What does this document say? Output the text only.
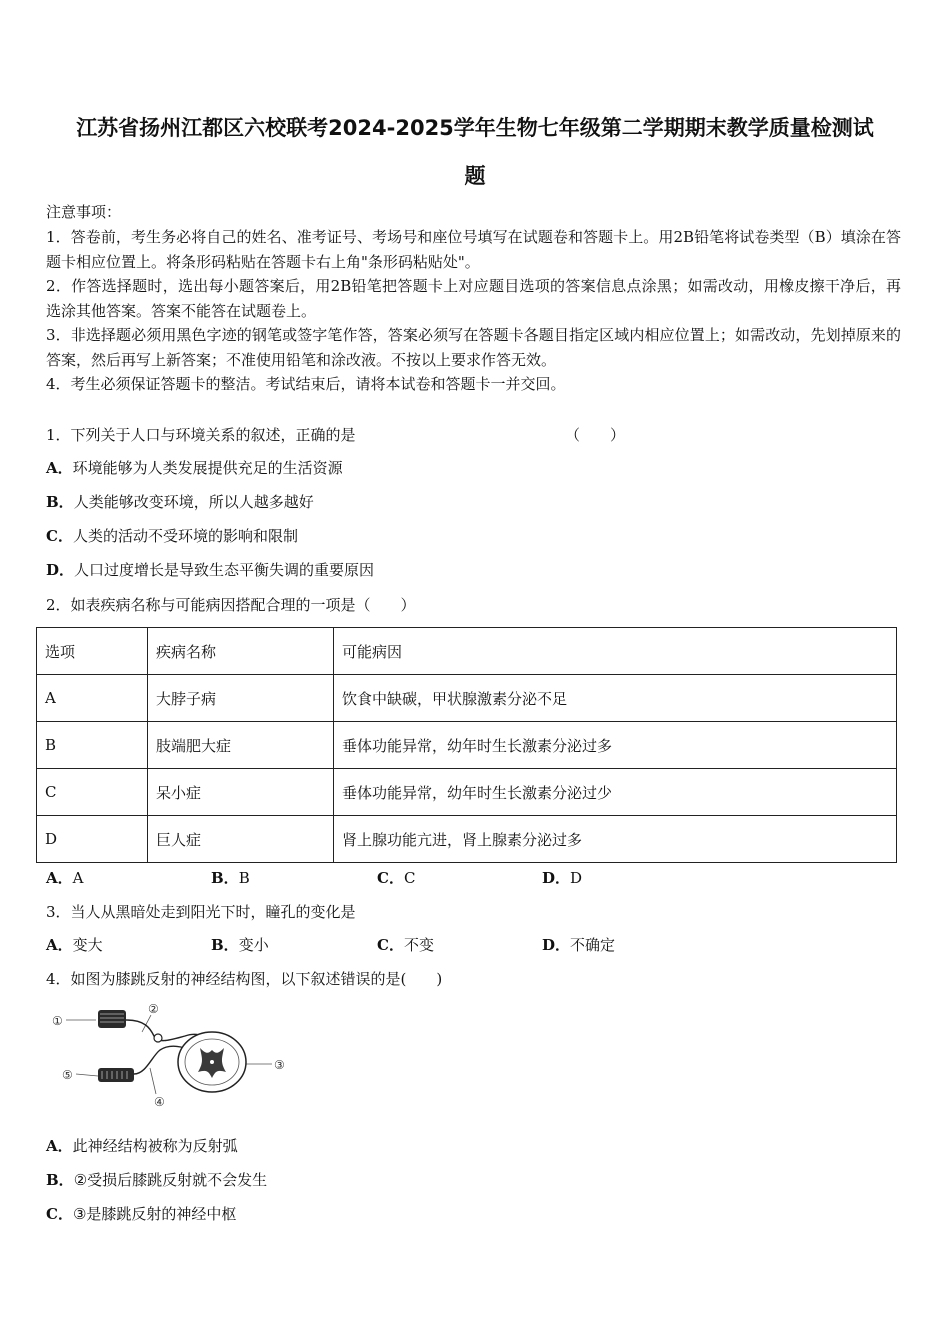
江苏省扬州江都区六校联考2024-2025学年生物七年级第二学期期末教学质量检测试
题
注意事项：
1．答卷前，考生务必将自己的姓名、准考证号、考场号和座位号填写在试题卷和答题卡上。用2B铅笔将试卷类型（B）填涂在答题卡相应位置上。将条形码粘贴在答题卡右上角"条形码粘贴处"。
2．作答选择题时，选出每小题答案后，用2B铅笔把答题卡上对应题目选项的答案信息点涂黑；如需改动，用橡皮擦干净后，再选涂其他答案。答案不能答在试题卷上。
3．非选择题必须用黑色字迹的钢笔或签字笔作答，答案必须写在答题卡各题目指定区域内相应位置上；如需改动，先划掉原来的答案，然后再写上新答案；不准使用铅笔和涂改液。不按以上要求作答无效。
4．考生必须保证答题卡的整洁。考试结束后，请将本试卷和答题卡一并交回。
1．下列关于人口与环境关系的叙述，正确的是	（　　）
A．环境能够为人类发展提供充足的生活资源
B．人类能够改变环境，所以人越多越好
C．人类的活动不受环境的影响和限制
D．人口过度增长是导致生态平衡失调的重要原因
2．如表疾病名称与可能病因搭配合理的一项是（　　）
选项	疾病名称	可能病因
A	大脖子病	饮食中缺碳，甲状腺激素分泌不足
B	肢端肥大症	垂体功能异常，幼年时生长激素分泌过多
C	呆小症	垂体功能异常，幼年时生长激素分泌过少
D	巨人症	肾上腺功能亢进，肾上腺素分泌过多
A．A	B．B	C．C	D．D
3．当人从黑暗处走到阳光下时，瞳孔的变化是
A．变大	B．变小	C．不变	D．不确定
4．如图为膝跳反射的神经结构图，以下叙述错误的是(　　)
①
②
③
④
⑤
A．此神经结构被称为反射弧
B．②受损后膝跳反射就不会发生
C．③是膝跳反射的神经中枢
